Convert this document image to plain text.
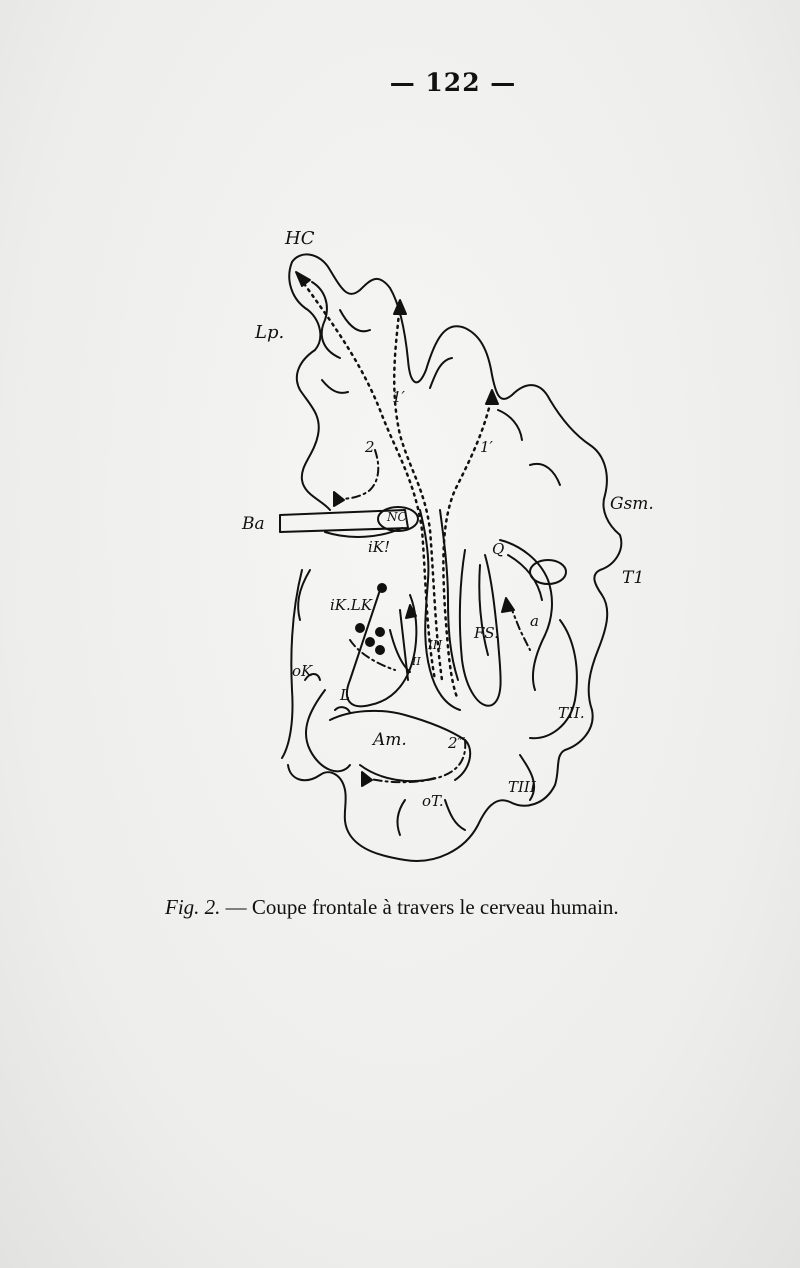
— 122 —
HC
Lp.
1′
1′
2
Gsm.
Ba	NC
iK!	Q
T1
iK.LK
a
FS.
III
oK
L
II
TII.
Am.	2‴
TIII
oT.
Fig. 2. — Coupe frontale à travers le cerveau humain.
